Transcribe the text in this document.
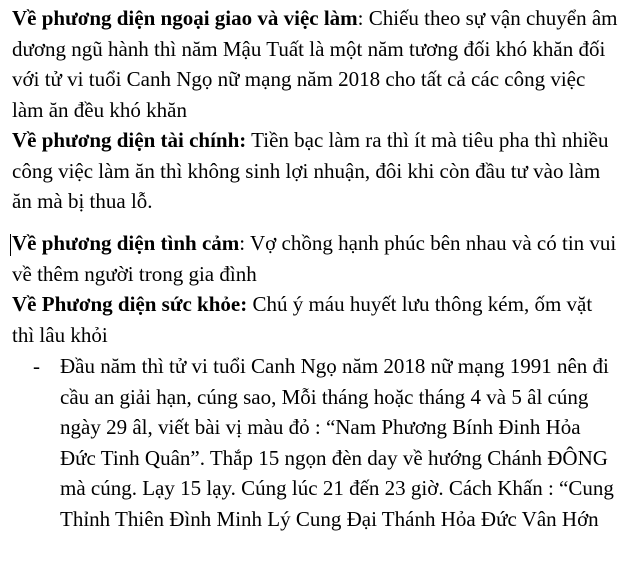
Về phương diện ngoại giao và việc làm: Chiếu theo sự vận chuyển âm dương ngũ hành thì năm Mậu Tuất là một năm tương đối khó khăn đối với tử vi tuổi Canh Ngọ nữ mạng năm 2018 cho tất cả các công việc làm ăn đều khó khăn

Về phương diện tài chính: Tiền bạc làm ra thì ít mà tiêu pha thì nhiều công việc làm ăn thì không sinh lợi nhuận, đôi khi còn đầu tư vào làm ăn mà bị thua lỗ.

Về phương diện tình cảm: Vợ chồng hạnh phúc bên nhau và có tin vui về thêm người trong gia đình

Về Phương diện sức khỏe: Chú ý máu huyết lưu thông kém, ốm vặt thì lâu khỏi

- Đầu năm thì tử vi tuổi Canh Ngọ năm 2018 nữ mạng 1991 nên đi cầu an giải hạn, cúng sao, Mỗi tháng hoặc tháng 4 và 5 âl cúng ngày 29 âl, viết bài vị màu đỏ : “Nam Phương Bính Đinh Hỏa Đức Tinh Quân”. Thắp 15 ngọn đèn day về hướng Chánh ĐÔNG mà cúng. Lạy 15 lạy. Cúng lúc 21 đến 23 giờ. Cách Khấn : “Cung Thỉnh Thiên Đình Minh Lý Cung Đại Thánh Hỏa Đức Vân Hớn
